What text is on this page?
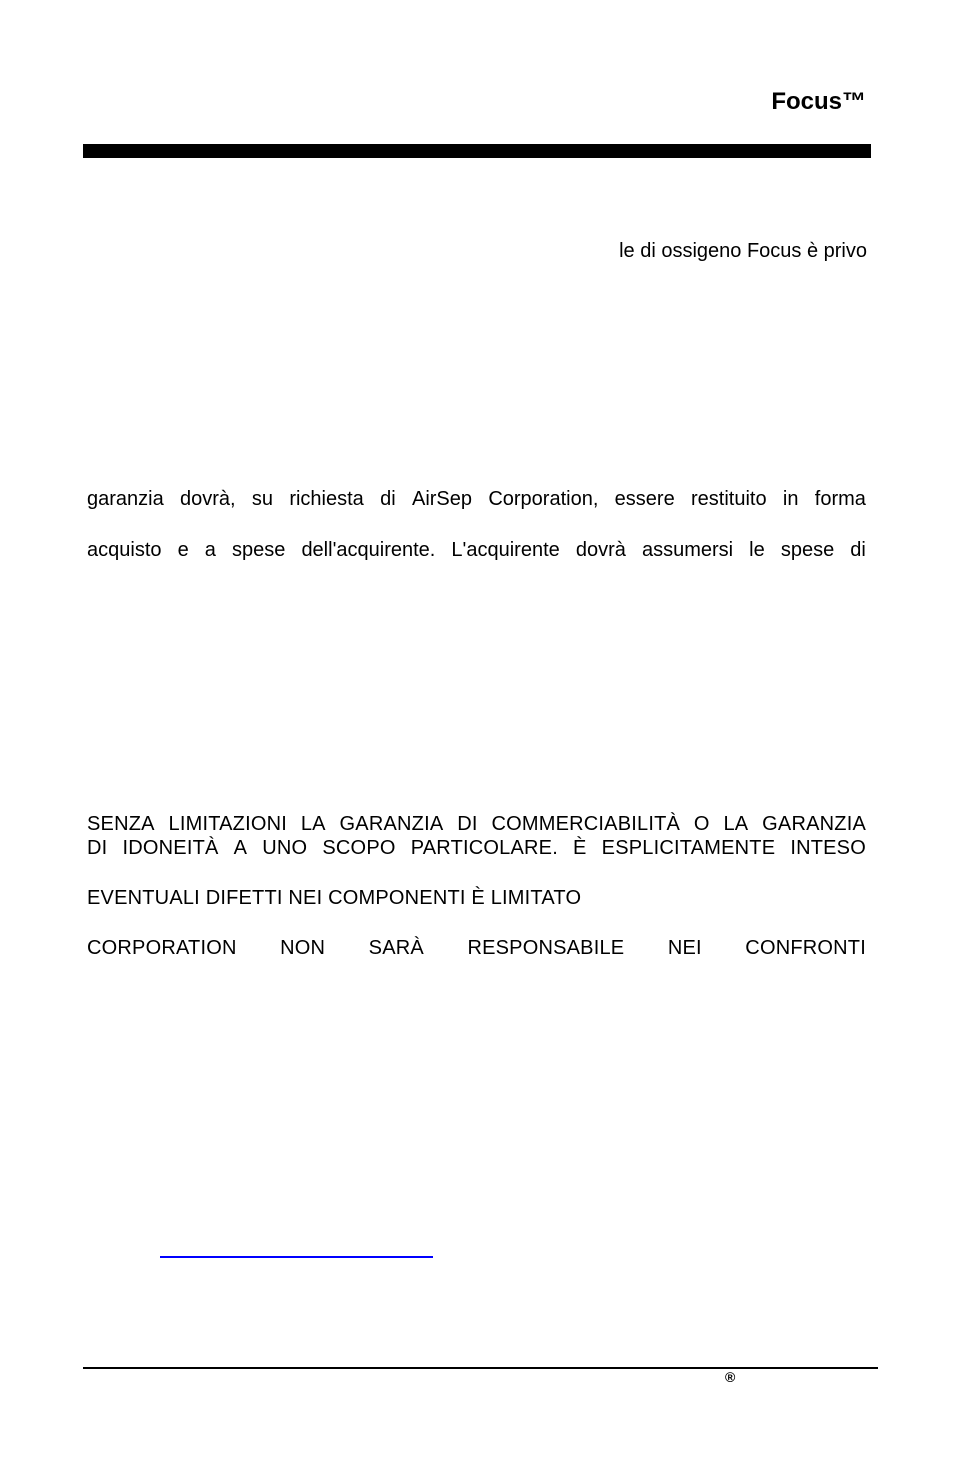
Focus™
le di ossigeno Focus è privo
garanzia dovrà, su richiesta di AirSep Corporation, essere restituito in forma
acquisto e a spese dell'acquirente. L'acquirente dovrà assumersi le spese di
SENZA LIMITAZIONI LA GARANZIA DI COMMERCIABILITÀ O LA GARANZIA
DI IDONEITÀ A UNO SCOPO PARTICOLARE. È ESPLICITAMENTE INTESO
EVENTUALI DIFETTI NEI COMPONENTI È LIMITATO
CORPORATION NON SARÀ RESPONSABILE NEI CONFRONTI
®
